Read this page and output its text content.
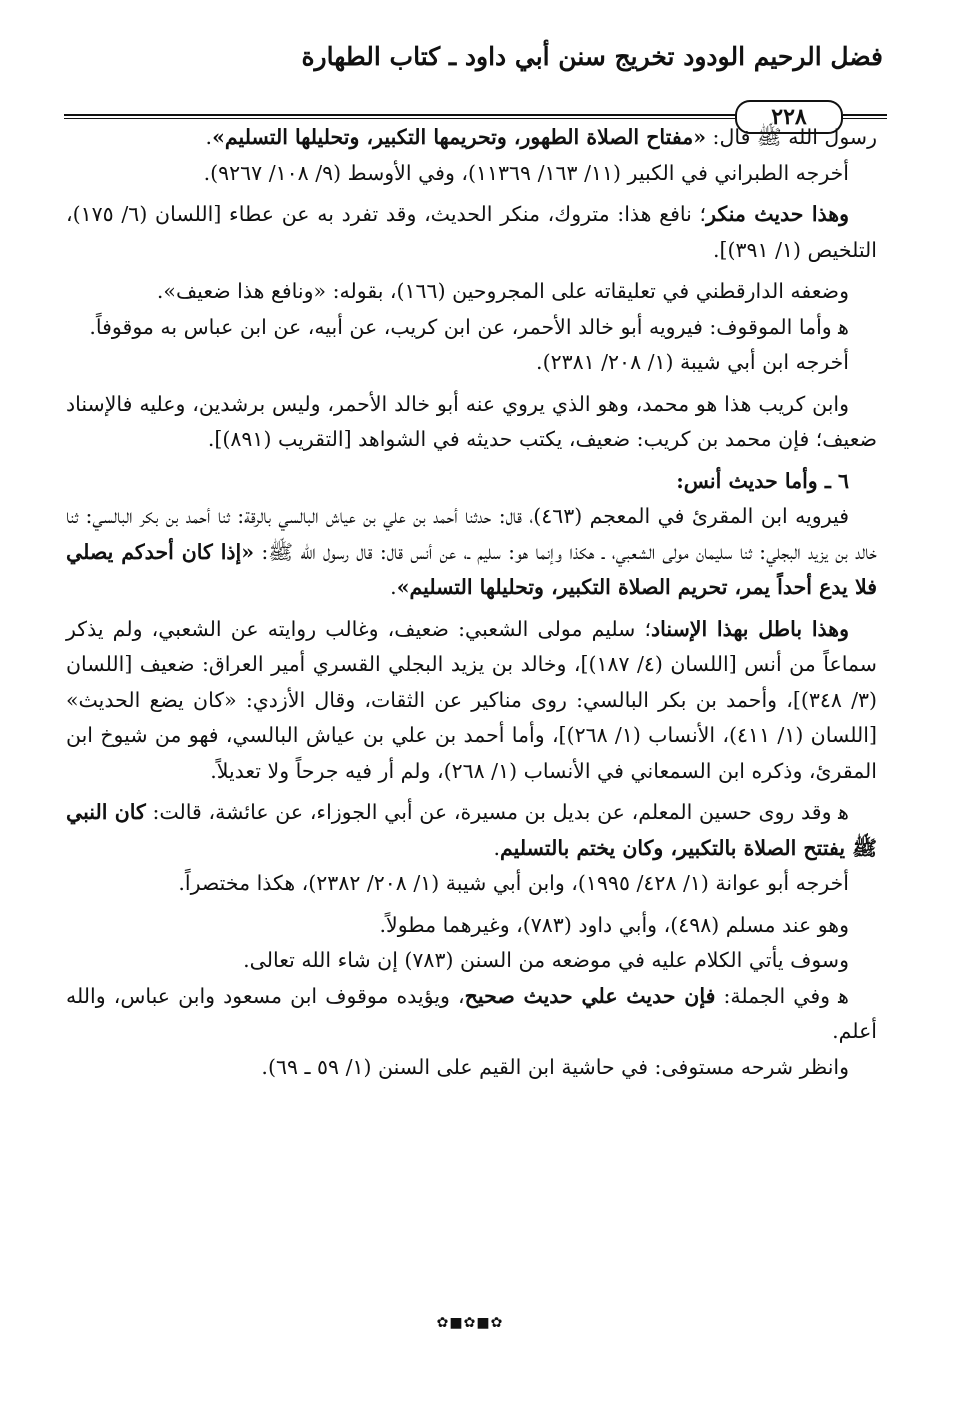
فضل الرحيم الودود تخريج سنن أبي داود ـ كتاب الطهارة
٢٢٨

رسول الله ﷺ قال: «مفتاح الصلاة الطهور، وتحريمها التكبير، وتحليلها التسليم».

أخرجه الطبراني في الكبير (١١/ ١٦٣/ ١١٣٦٩)، وفي الأوسط (٩/ ١٠٨/ ٩٢٦٧).

وهذا حديث منكر؛ نافع هذا: متروك، منكر الحديث، وقد تفرد به عن عطاء [اللسان (٦/ ١٧٥)، التلخيص (١/ ٣٩١)].

وضعفه الدارقطني في تعليقاته على المجروحين (١٦٦)، بقوله: «ونافع هذا ضعيف».

ﻫ وأما الموقوف: فيرويه أبو خالد الأحمر، عن ابن كريب، عن أبيه، عن ابن عباس به موقوفاً.

أخرجه ابن أبي شيبة (١/ ٢٠٨/ ٢٣٨١).

وابن كريب هذا هو محمد، وهو الذي يروي عنه أبو خالد الأحمر، وليس برشدين، وعليه فالإسناد ضعيف؛ فإن محمد بن كريب: ضعيف، يكتب حديثه في الشواهد [التقريب (٨٩١)].

٦ ـ وأما حديث أنس:

فيرويه ابن المقرئ في المعجم (٤٦٣)، قال: حدثنا أحمد بن علي بن عياش البالسي بالرقة: ثنا أحمد بن بكر البالسي: ثنا خالد بن يزيد البجلي: ثنا سليمان مولى الشعبي، ـ هكذا وإنما هو: سليم ـ، عن أنس قال: قال رسول الله ﷺ: «إذا كان أحدكم يصلي فلا يدع أحداً يمر، تحريم الصلاة التكبير، وتحليلها التسليم».

وهذا باطل بهذا الإسناد؛ سليم مولى الشعبي: ضعيف، وغالب روايته عن الشعبي، ولم يذكر سماعاً من أنس [اللسان (٤/ ١٨٧)]، وخالد بن يزيد البجلي القسري أمير العراق: ضعيف [اللسان (٣/ ٣٤٨)]، وأحمد بن بكر البالسي: روى مناكير عن الثقات، وقال الأزدي: «كان يضع الحديث» [اللسان (١/ ٤١١)، الأنساب (١/ ٢٦٨)]، وأما أحمد بن علي بن عياش البالسي، فهو من شيوخ ابن المقرئ، وذكره ابن السمعاني في الأنساب (١/ ٢٦٨)، ولم أر فيه جرحاً ولا تعديلاً.

ﻫ وقد روى حسين المعلم، عن بديل بن مسيرة، عن أبي الجوزاء، عن عائشة، قالت: كان النبي ﷺ يفتتح الصلاة بالتكبير، وكان يختم بالتسليم.

أخرجه أبو عوانة (١/ ٤٢٨/ ١٩٩٥)، وابن أبي شيبة (١/ ٢٠٨/ ٢٣٨٢)، هكذا مختصراً.

وهو عند مسلم (٤٩٨)، وأبي داود (٧٨٣)، وغيرهما مطولاً.

وسوف يأتي الكلام عليه في موضعه من السنن (٧٨٣) إن شاء الله تعالى.

ﻫ وفي الجملة: فإن حديث علي حديث صحيح، ويؤيده موقوف ابن مسعود وابن عباس، والله أعلم.

وانظر شرحه مستوفى: في حاشية ابن القيم على السنن (١/ ٥٩ ـ ٦٩).

✿■✿■✿
